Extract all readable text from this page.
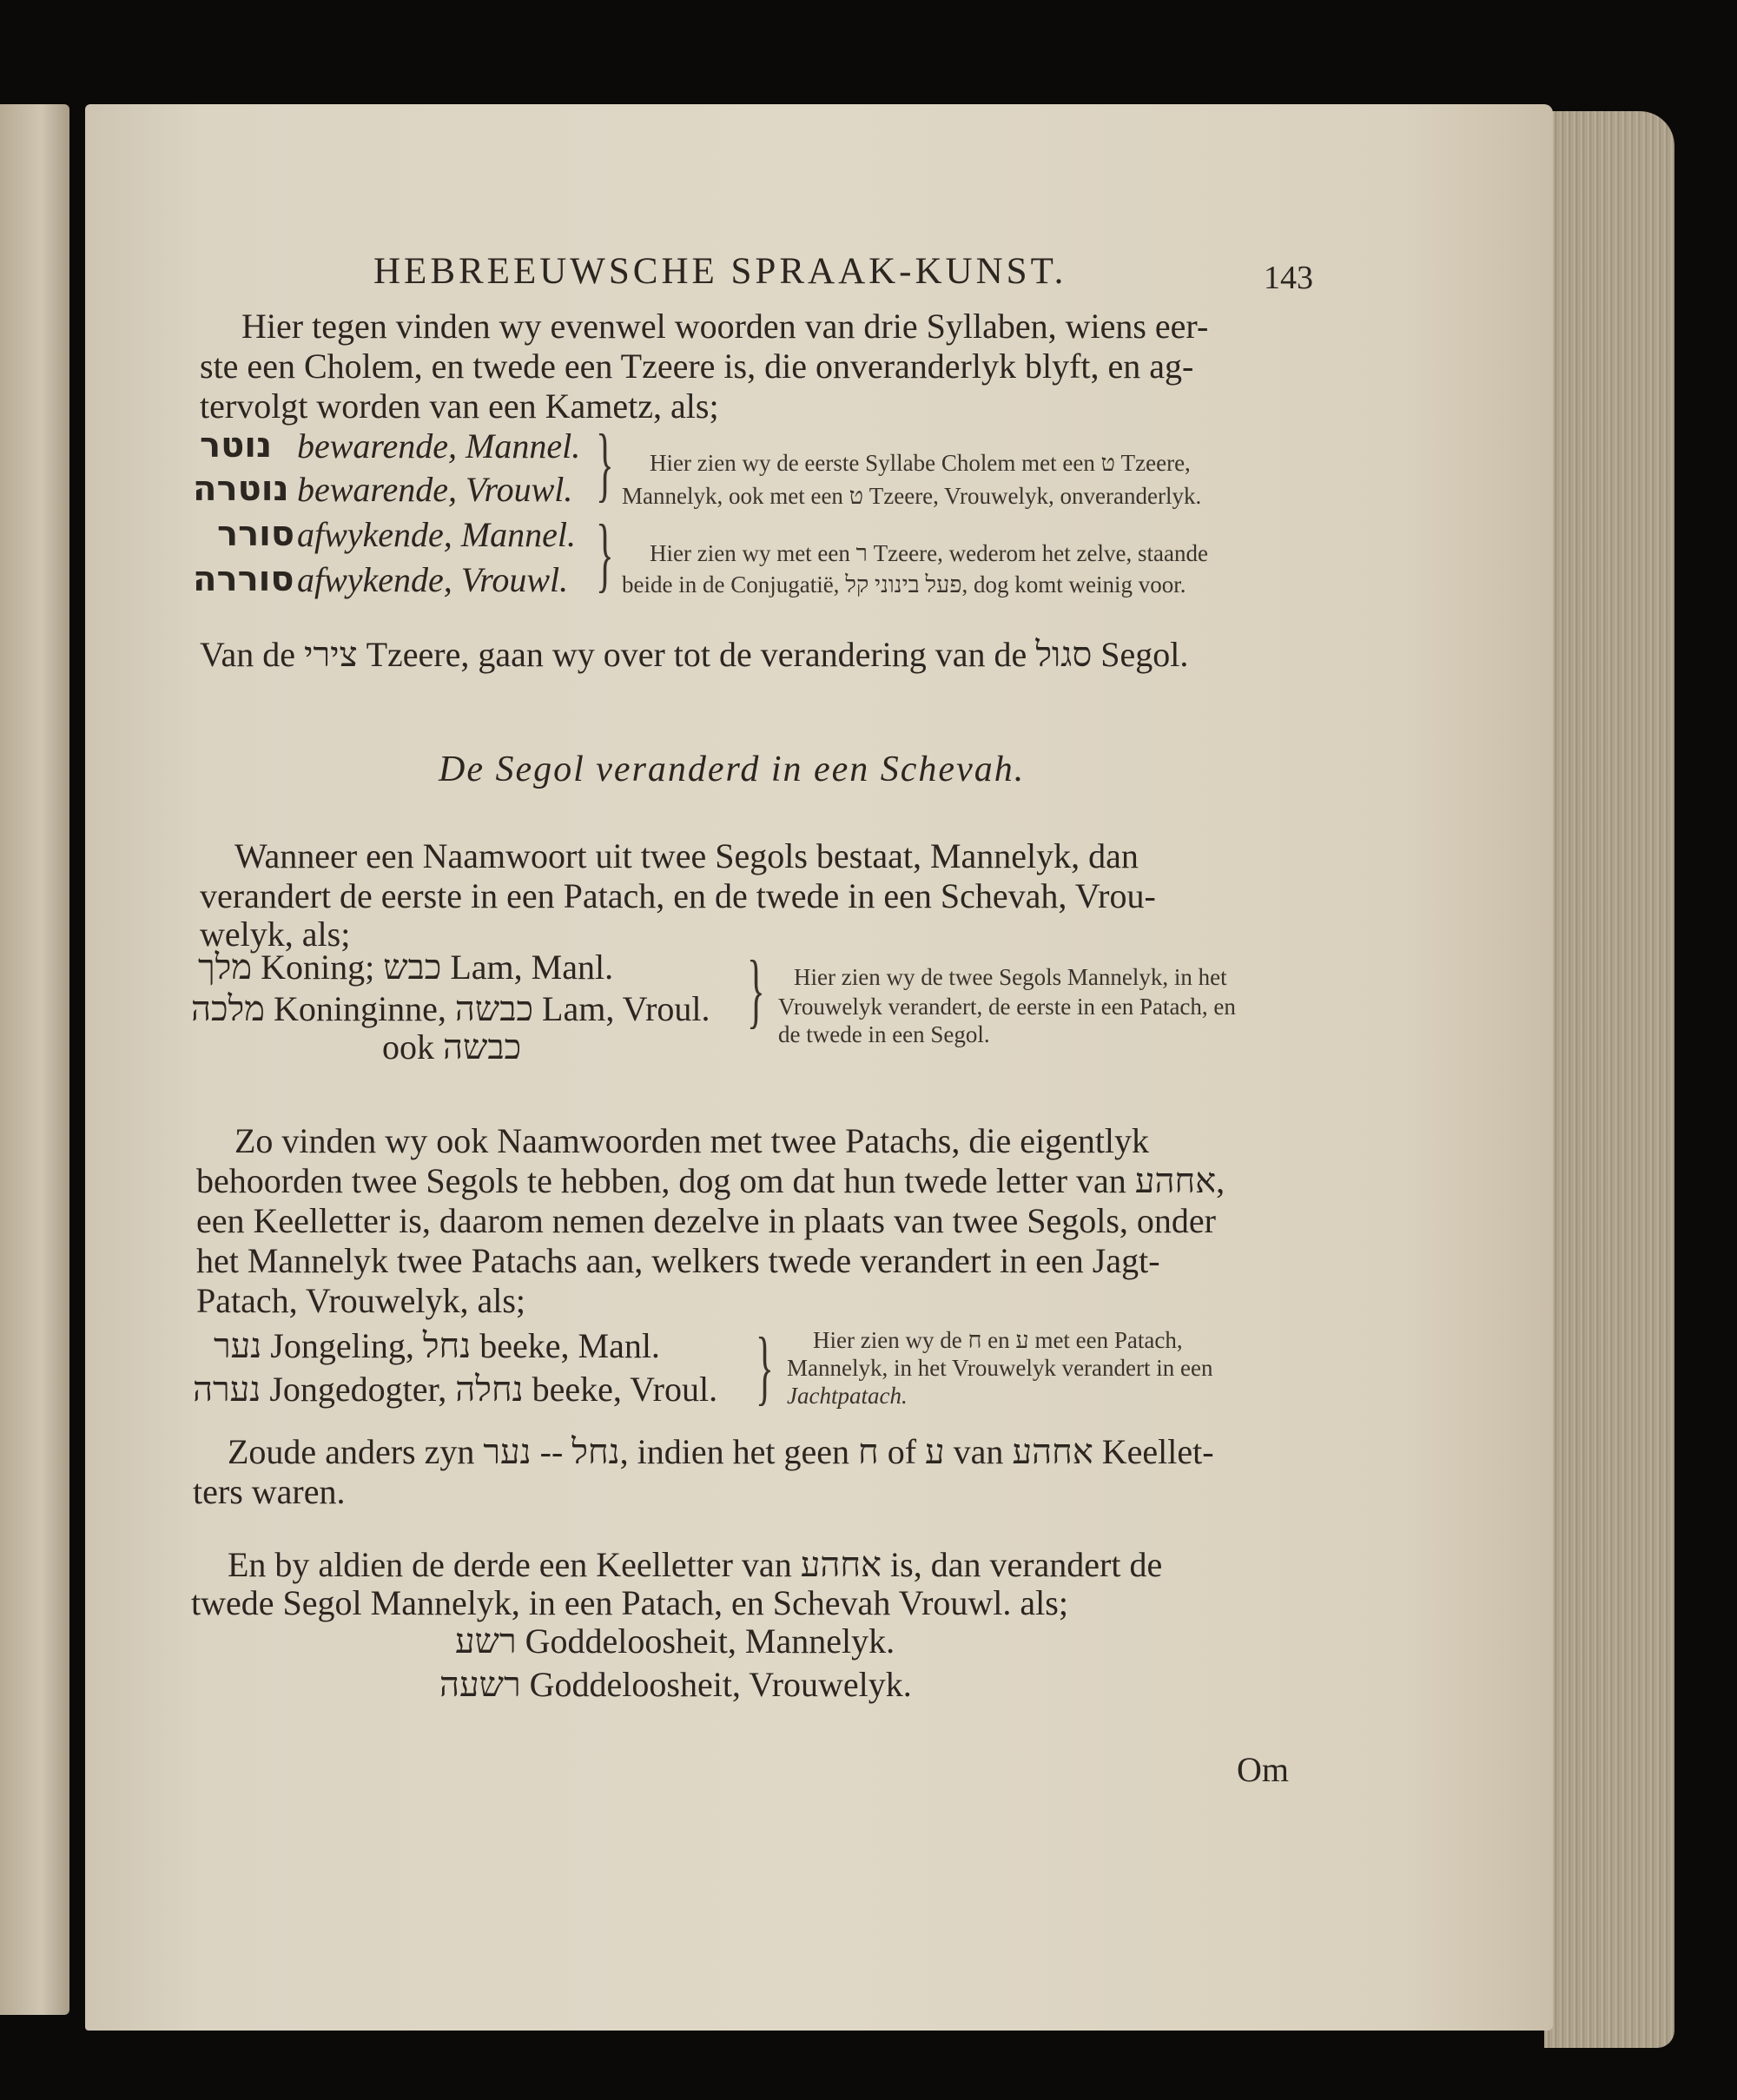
HEBREEUWSCHE SPRAAK-KUNST.	143
Hier tegen vinden wy evenwel woorden van drie Syllaben, wiens eer-
ste een Cholem, en twede een Tzeere is, die onveranderlyk blyft, en ag-
tervolgt worden van een Kametz, als;
נוטר bewarende, Mannel.
נוטרה bewarende, Vrouwl. } Hier zien wy de eerste Syllabe Cholem met een ט Tzeere,
Mannelyk, ook met een ט Tzeere, Vrouwelyk, onveranderlyk.
סורר afwykende, Mannel.
סוררה afwykende, Vrouwl. } Hier zien wy met een ר Tzeere, wederom het zelve, staande
beide in de Conjugatië, פעל בינוני קל, dog komt weinig voor.
Van de צירי Tzeere, gaan wy over tot de verandering van de סגול Segol.
De Segol veranderd in een Schevah.
Wanneer een Naamwoort uit twee Segols bestaat, Mannelyk, dan
verandert de eerste in een Patach, en de twede in een Schevah, Vrou-
welyk, als;
מלך Koning; כבש Lam, Manl.
מלכה Koninginne, כבשה Lam, Vroul.
ook כבשה
} Hier zien wy de twee Segols Mannelyk, in het
Vrouwelyk verandert, de eerste in een Patach, en
de twede in een Segol.
Zo vinden wy ook Naamwoorden met twee Patachs, die eigentlyk
behoorden twee Segols te hebben, dog om dat hun twede letter van אחהע,
een Keelletter is, daarom nemen dezelve in plaats van twee Segols, onder
het Mannelyk twee Patachs aan, welkers twede verandert in een Jagt-
Patach, Vrouwelyk, als;
נער Jongeling, נחל beeke, Manl.
נערה Jongedogter, נחלה beeke, Vroul. } Hier zien wy de ח en ע met een Patach,
Mannelyk, in het Vrouwelyk verandert in een
Jachtpatach.
Zoude anders zyn נחל -- נער, indien het geen ח of ע van אחהע Keellet-
ters waren.
En by aldien de derde een Keelletter van אחהע is, dan verandert de
twede Segol Mannelyk, in een Patach, en Schevah Vrouwl. als;
רשע Goddeloosheit, Mannelyk.
רשעה Goddeloosheit, Vrouwelyk.
Om
